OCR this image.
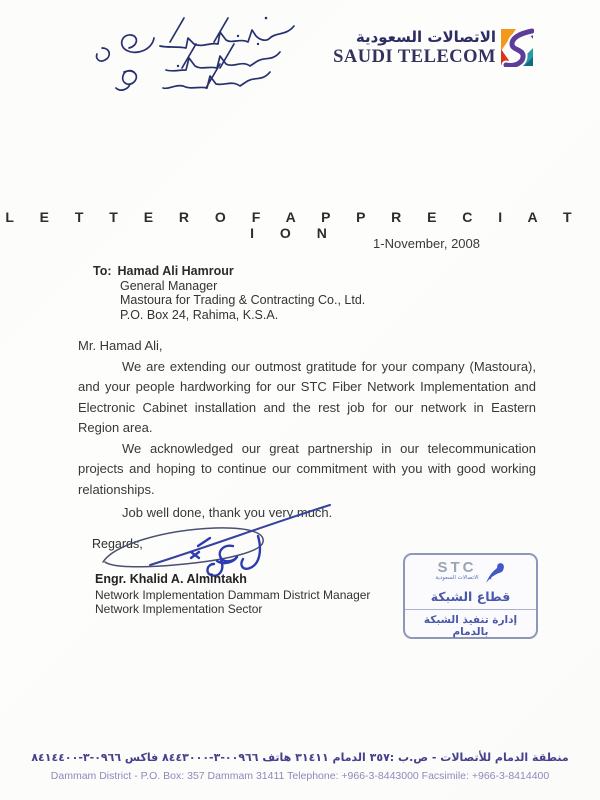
الاتصالات السعودية
SAUDI TELECOM
L E T T E R O F A P P R E C I A T I O N
1-November, 2008
To: Hamad Ali Hamrour
General Manager
Mastoura for Trading & Contracting Co., Ltd.
P.O. Box 24, Rahima, K.S.A.

Mr. Hamad Ali,

We are extending our outmost gratitude for your company (Mastoura), and your people hardworking for our STC Fiber Network Implementation and Electronic Cabinet installation and the rest job for our network in Eastern Region area.

We acknowledged our great partnership in our telecommunication projects and hoping to continue our commitment with you with good working relationships.

Job well done, thank you very much.

Regards,
Engr. Khalid A. Almintakh
Network Implementation Dammam District Manager
Network Implementation Sector
STC
الاتصالات السعودية
قطاع الشبكة
إدارة تنفيذ الشبكة بالدمام
منطقة الدمام للأتصالات - ص.ب :٣٥٧ الدمام ٣١٤١١ هاتف ٠٠٩٦٦-٣-٨٤٤٣٠٠٠ فاكس ٠٩٦٦-٣-٨٤١٤٤٠٠
Dammam District - P.O. Box: 357 Dammam 31411 Telephone: +966-3-8443000 Facsimile: +966-3-8414400
